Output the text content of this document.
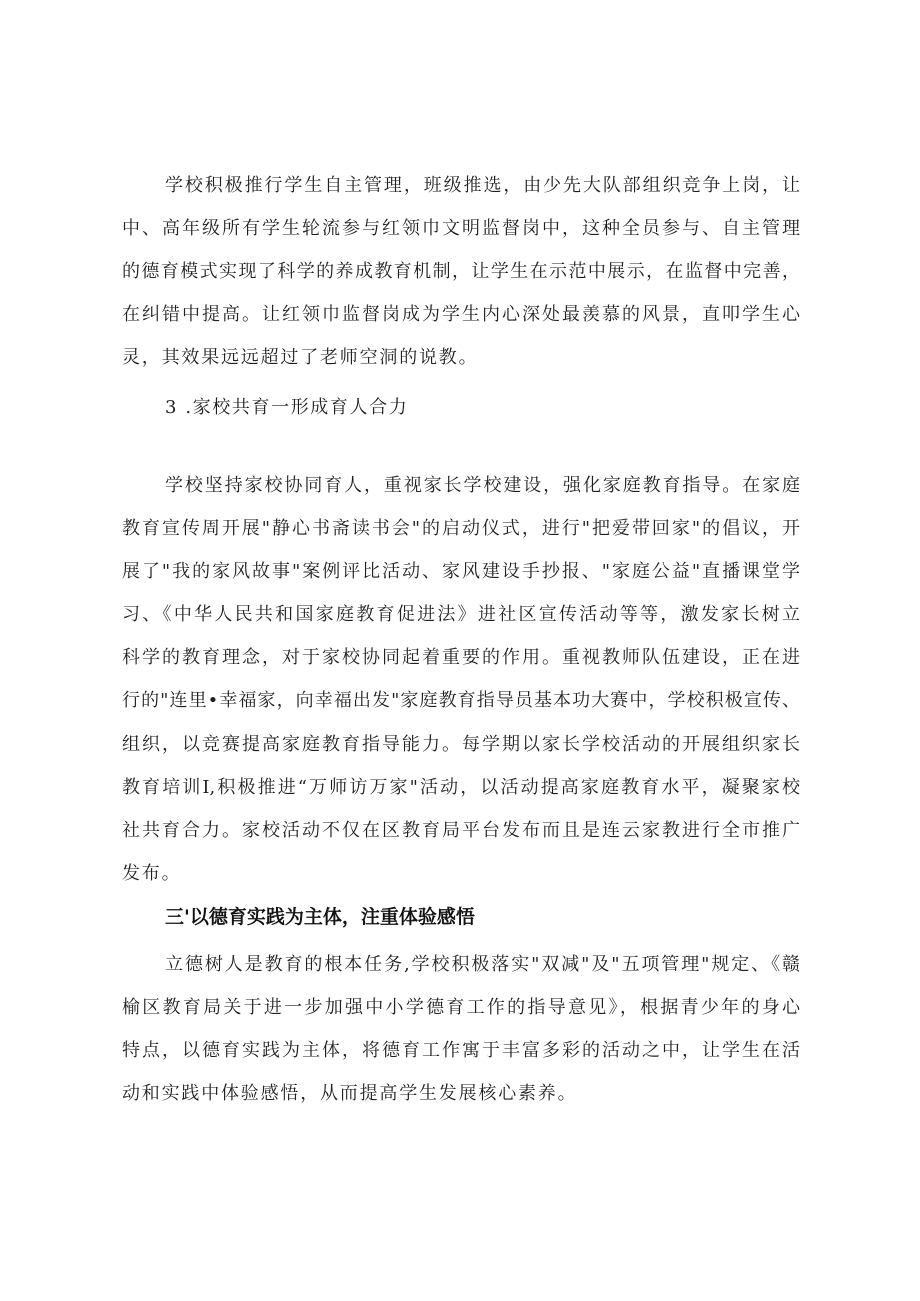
学校积极推行学生自主管理，班级推选，由少先大队部组织竞争上岗，让
中、高年级所有学生轮流参与红领巾文明监督岗中，这种全员参与、自主管理
的德育模式实现了科学的养成教育机制，让学生在示范中展示，在监督中完善，
在纠错中提高。让红领巾监督岗成为学生内心深处最羡慕的风景，直叩学生心
灵，其效果远远超过了老师空洞的说教。
3 .家校共育一形成育人合力
学校坚持家校协同育人，重视家长学校建设，强化家庭教育指导。在家庭
教育宣传周开展"静心书斋读书会"的启动仪式，进行"把爱带回家"的倡议，开
展了"我的家风故事"案例评比活动、家风建设手抄报、"家庭公益"直播课堂学
习、《中华人民共和国家庭教育促进法》进社区宣传活动等等，激发家长树立
科学的教育理念，对于家校协同起着重要的作用。重视教师队伍建设，正在进
行的"连里•幸福家，向幸福出发"家庭教育指导员基本功大赛中，学校积极宣传、
组织，以竞赛提高家庭教育指导能力。每学期以家长学校活动的开展组织家长
教育培训I,积极推进“万师访万家"活动，以活动提高家庭教育水平，凝聚家校
社共育合力。家校活动不仅在区教育局平台发布而且是连云家教进行全市推广
发布。
三'以德育实践为主体，注重体验感悟
立德树人是教育的根本任务,学校积极落实"双减"及"五项管理"规定、《赣
榆区教育局关于进一步加强中小学德育工作的指导意见》，根据青少年的身心
特点，以德育实践为主体，将德育工作寓于丰富多彩的活动之中，让学生在活
动和实践中体验感悟，从而提高学生发展核心素养。
